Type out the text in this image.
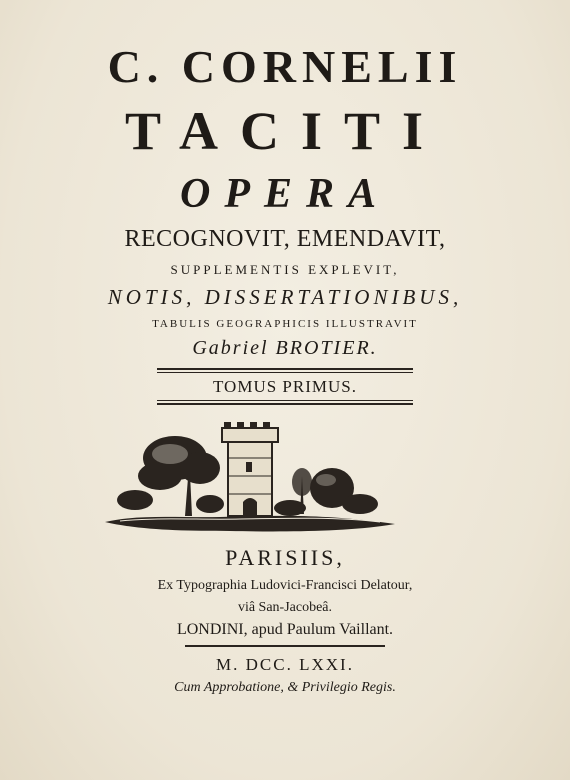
C. CORNELII
TACITI
OPERA
RECOGNOVIT, EMENDAVIT,
SUPPLEMENTIS EXPLEVIT,
NOTIS, DISSERTATIONIBUS,
TABULIS GEOGRAPHICIS ILLUSTRAVIT
Gabriel BROTIER.
TOMUS PRIMUS.
PARISIIS,
Ex Typographia Ludovici-Francisci Delatour,
viâ San-Jacobeâ.
LONDINI, apud Paulum Vaillant.
M. DCC. LXXI.
Cum Approbatione, & Privilegio Regis.
